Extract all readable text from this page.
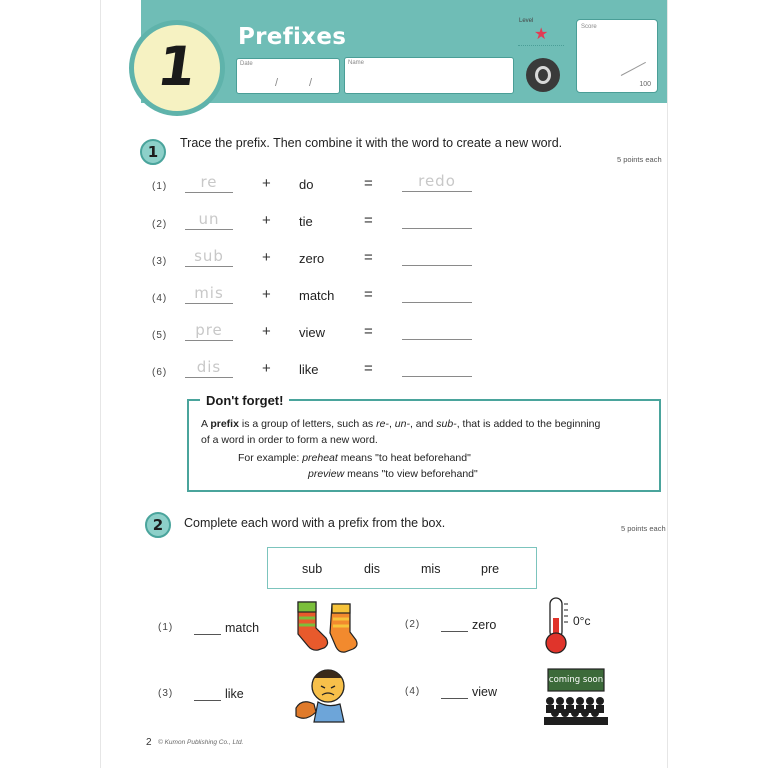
1 Prefixes
Date
/	/
Name
Level
★	Score
100
1	Trace the prefix. Then combine it with the word to create a new word.
5 points each
(1)	re	+ do	=	redo
(2)	un	+ tie	=
(3)	sub	+ zero	=
(4)	mis	+ match =
(5)	pre	+ view	=
(6)	dis	+ like	=
Don't forget!
A prefix is a group of letters, such as re-, un-, and sub-, that is added to the beginning
of a word in order to form a new word.
For example: preheat means "to heat beforehand"
preview means "to view beforehand"
2	Complete each word with a prefix from the box.	5 points each
sub	dis	mis	pre
(1)	match	(2)	zero	0°c
(3)	like	(4)	view
coming soon
2 © Kumon Publishing Co., Ltd.
